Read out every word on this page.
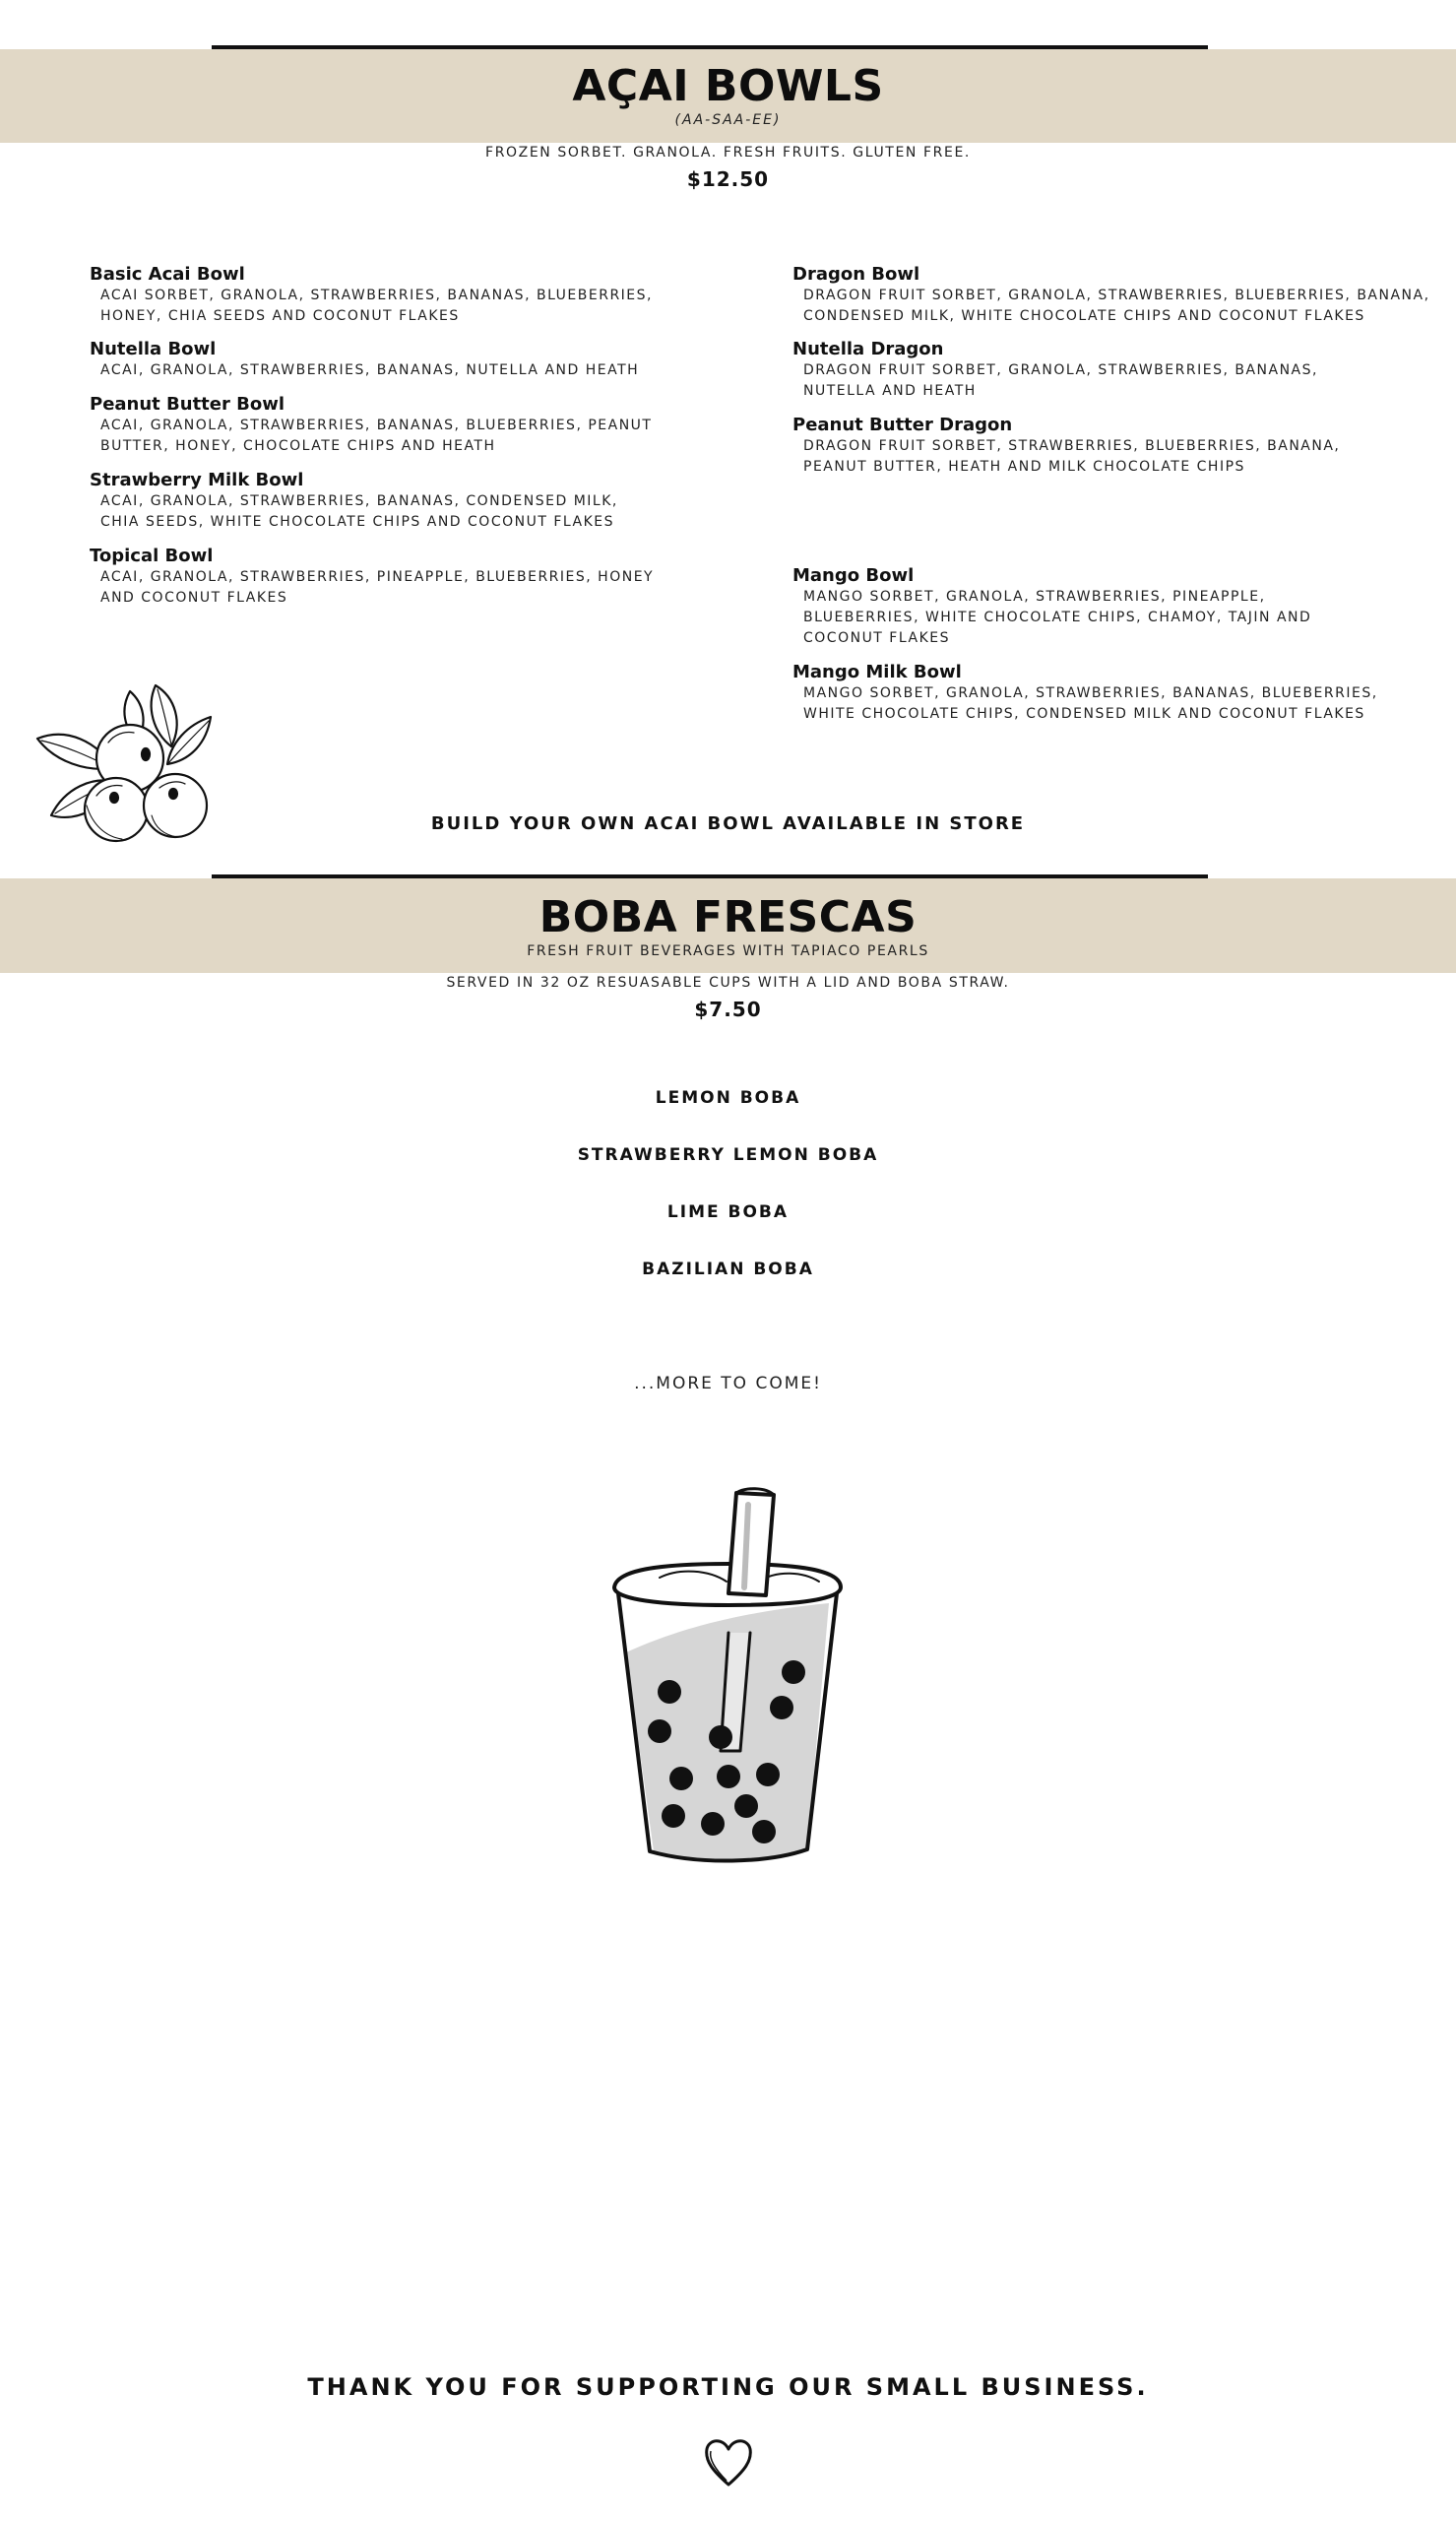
AÇAI BOWLS
(AA-SAA-EE)
FROZEN SORBET. GRANOLA. FRESH FRUITS. GLUTEN FREE.
$12.50
Basic Acai Bowl
ACAI SORBET, GRANOLA, STRAWBERRIES, BANANAS, BLUEBERRIES,
HONEY, CHIA SEEDS AND COCONUT FLAKES
Nutella Bowl
ACAI, GRANOLA, STRAWBERRIES, BANANAS, NUTELLA AND HEATH
Peanut Butter Bowl
ACAI, GRANOLA, STRAWBERRIES, BANANAS, BLUEBERRIES, PEANUT
BUTTER, HONEY, CHOCOLATE CHIPS AND HEATH
Strawberry Milk Bowl
ACAI, GRANOLA, STRAWBERRIES, BANANAS, CONDENSED MILK,
CHIA SEEDS, WHITE CHOCOLATE CHIPS AND COCONUT FLAKES
Topical Bowl
ACAI, GRANOLA, STRAWBERRIES, PINEAPPLE, BLUEBERRIES, HONEY
AND COCONUT FLAKES
Dragon Bowl
DRAGON FRUIT SORBET, GRANOLA, STRAWBERRIES, BLUEBERRIES, BANANA,
CONDENSED MILK, WHITE CHOCOLATE CHIPS AND COCONUT FLAKES
Nutella Dragon
DRAGON FRUIT SORBET, GRANOLA, STRAWBERRIES, BANANAS,
NUTELLA AND HEATH
Peanut Butter Dragon
DRAGON FRUIT SORBET, STRAWBERRIES, BLUEBERRIES, BANANA,
PEANUT BUTTER, HEATH AND MILK CHOCOLATE CHIPS
Mango Bowl
MANGO SORBET, GRANOLA, STRAWBERRIES, PINEAPPLE,
BLUEBERRIES, WHITE CHOCOLATE CHIPS, CHAMOY, TAJIN AND
COCONUT FLAKES
Mango Milk Bowl
MANGO SORBET, GRANOLA, STRAWBERRIES, BANANAS, BLUEBERRIES,
WHITE CHOCOLATE CHIPS, CONDENSED MILK AND COCONUT FLAKES
BUILD YOUR OWN ACAI BOWL AVAILABLE IN STORE
BOBA FRESCAS
FRESH FRUIT BEVERAGES WITH TAPIACO PEARLS
SERVED IN 32 OZ RESUASABLE CUPS WITH A LID AND BOBA STRAW.
$7.50
LEMON BOBA
STRAWBERRY LEMON BOBA
LIME BOBA
BAZILIAN BOBA
...MORE TO COME!
THANK YOU FOR SUPPORTING OUR SMALL BUSINESS.
